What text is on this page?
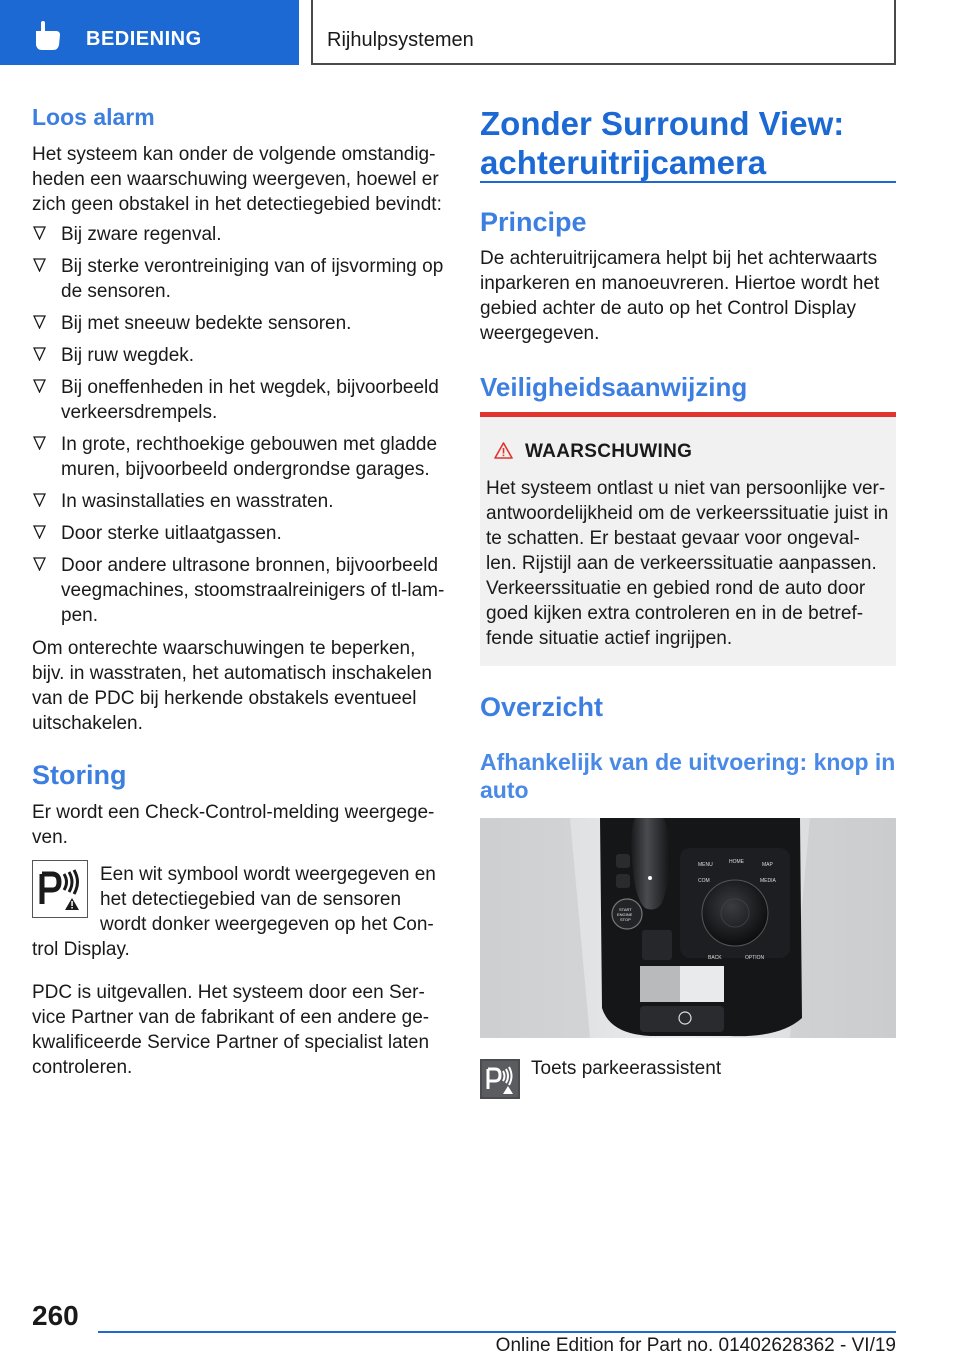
BEDIENING	Rijhulpsystemen
Loos alarm

Het systeem kan onder de volgende omstandig-heden een waarschuwing weergeven, hoewel er zich geen obstakel in het detectiegebied bevindt:

Bij zware regenval.
Bij sterke verontreiniging van of ijsvorming op de sensoren.
Bij met sneeuw bedekte sensoren.
Bij ruw wegdek.
Bij oneffenheden in het wegdek, bijvoorbeeld verkeersdrempels.
In grote, rechthoekige gebouwen met gladde muren, bijvoorbeeld ondergrondse garages.
In wasinstallaties en wasstraten.
Door sterke uitlaatgassen.
Door andere ultrasone bronnen, bijvoorbeeld veegmachines, stoomstraalreinigers of tl-lam-pen.

Om onterechte waarschuwingen te beperken, bijv. in wasstraten, het automatisch inschakelen van de PDC bij herkende obstakels eventueel uitschakelen.

Storing

Er wordt een Check-Control-melding weergege-ven.

Een wit symbool wordt weergegeven en het detectiegebied van de sensoren wordt donker weergegeven op het Con-

trol Display.

PDC is uitgevallen. Het systeem door een Ser-vice Partner van de fabrikant of een andere ge-kwalificeerde Service Partner of specialist laten controleren.

Zonder Surround View: achteruitrijcamera
Principe

De achteruitrijcamera helpt bij het achterwaarts inparkeren en manoeuvreren. Hiertoe wordt het gebied achter de auto op het Control Display weergegeven.

Veiligheidsaanwijzing
WAARSCHUWING

Het systeem ontlast u niet van persoonlijke ver-antwoordelijkheid om de verkeerssituatie juist in te schatten. Er bestaat gevaar voor ongeval-len. Rijstijl aan de verkeerssituatie aanpassen. Verkeerssituatie en gebied rond de auto door goed kijken extra controleren en in de betref-fende situatie actief ingrijpen.

Overzicht
Afhankelijk van de uitvoering: knop in auto
MENU	HOME	MAP
COM	MEDIA
BACK	OPTION
START
ENGINE
STOP

Toets parkeerassistent

260
Online Edition for Part no. 01402628362 - VI/19
